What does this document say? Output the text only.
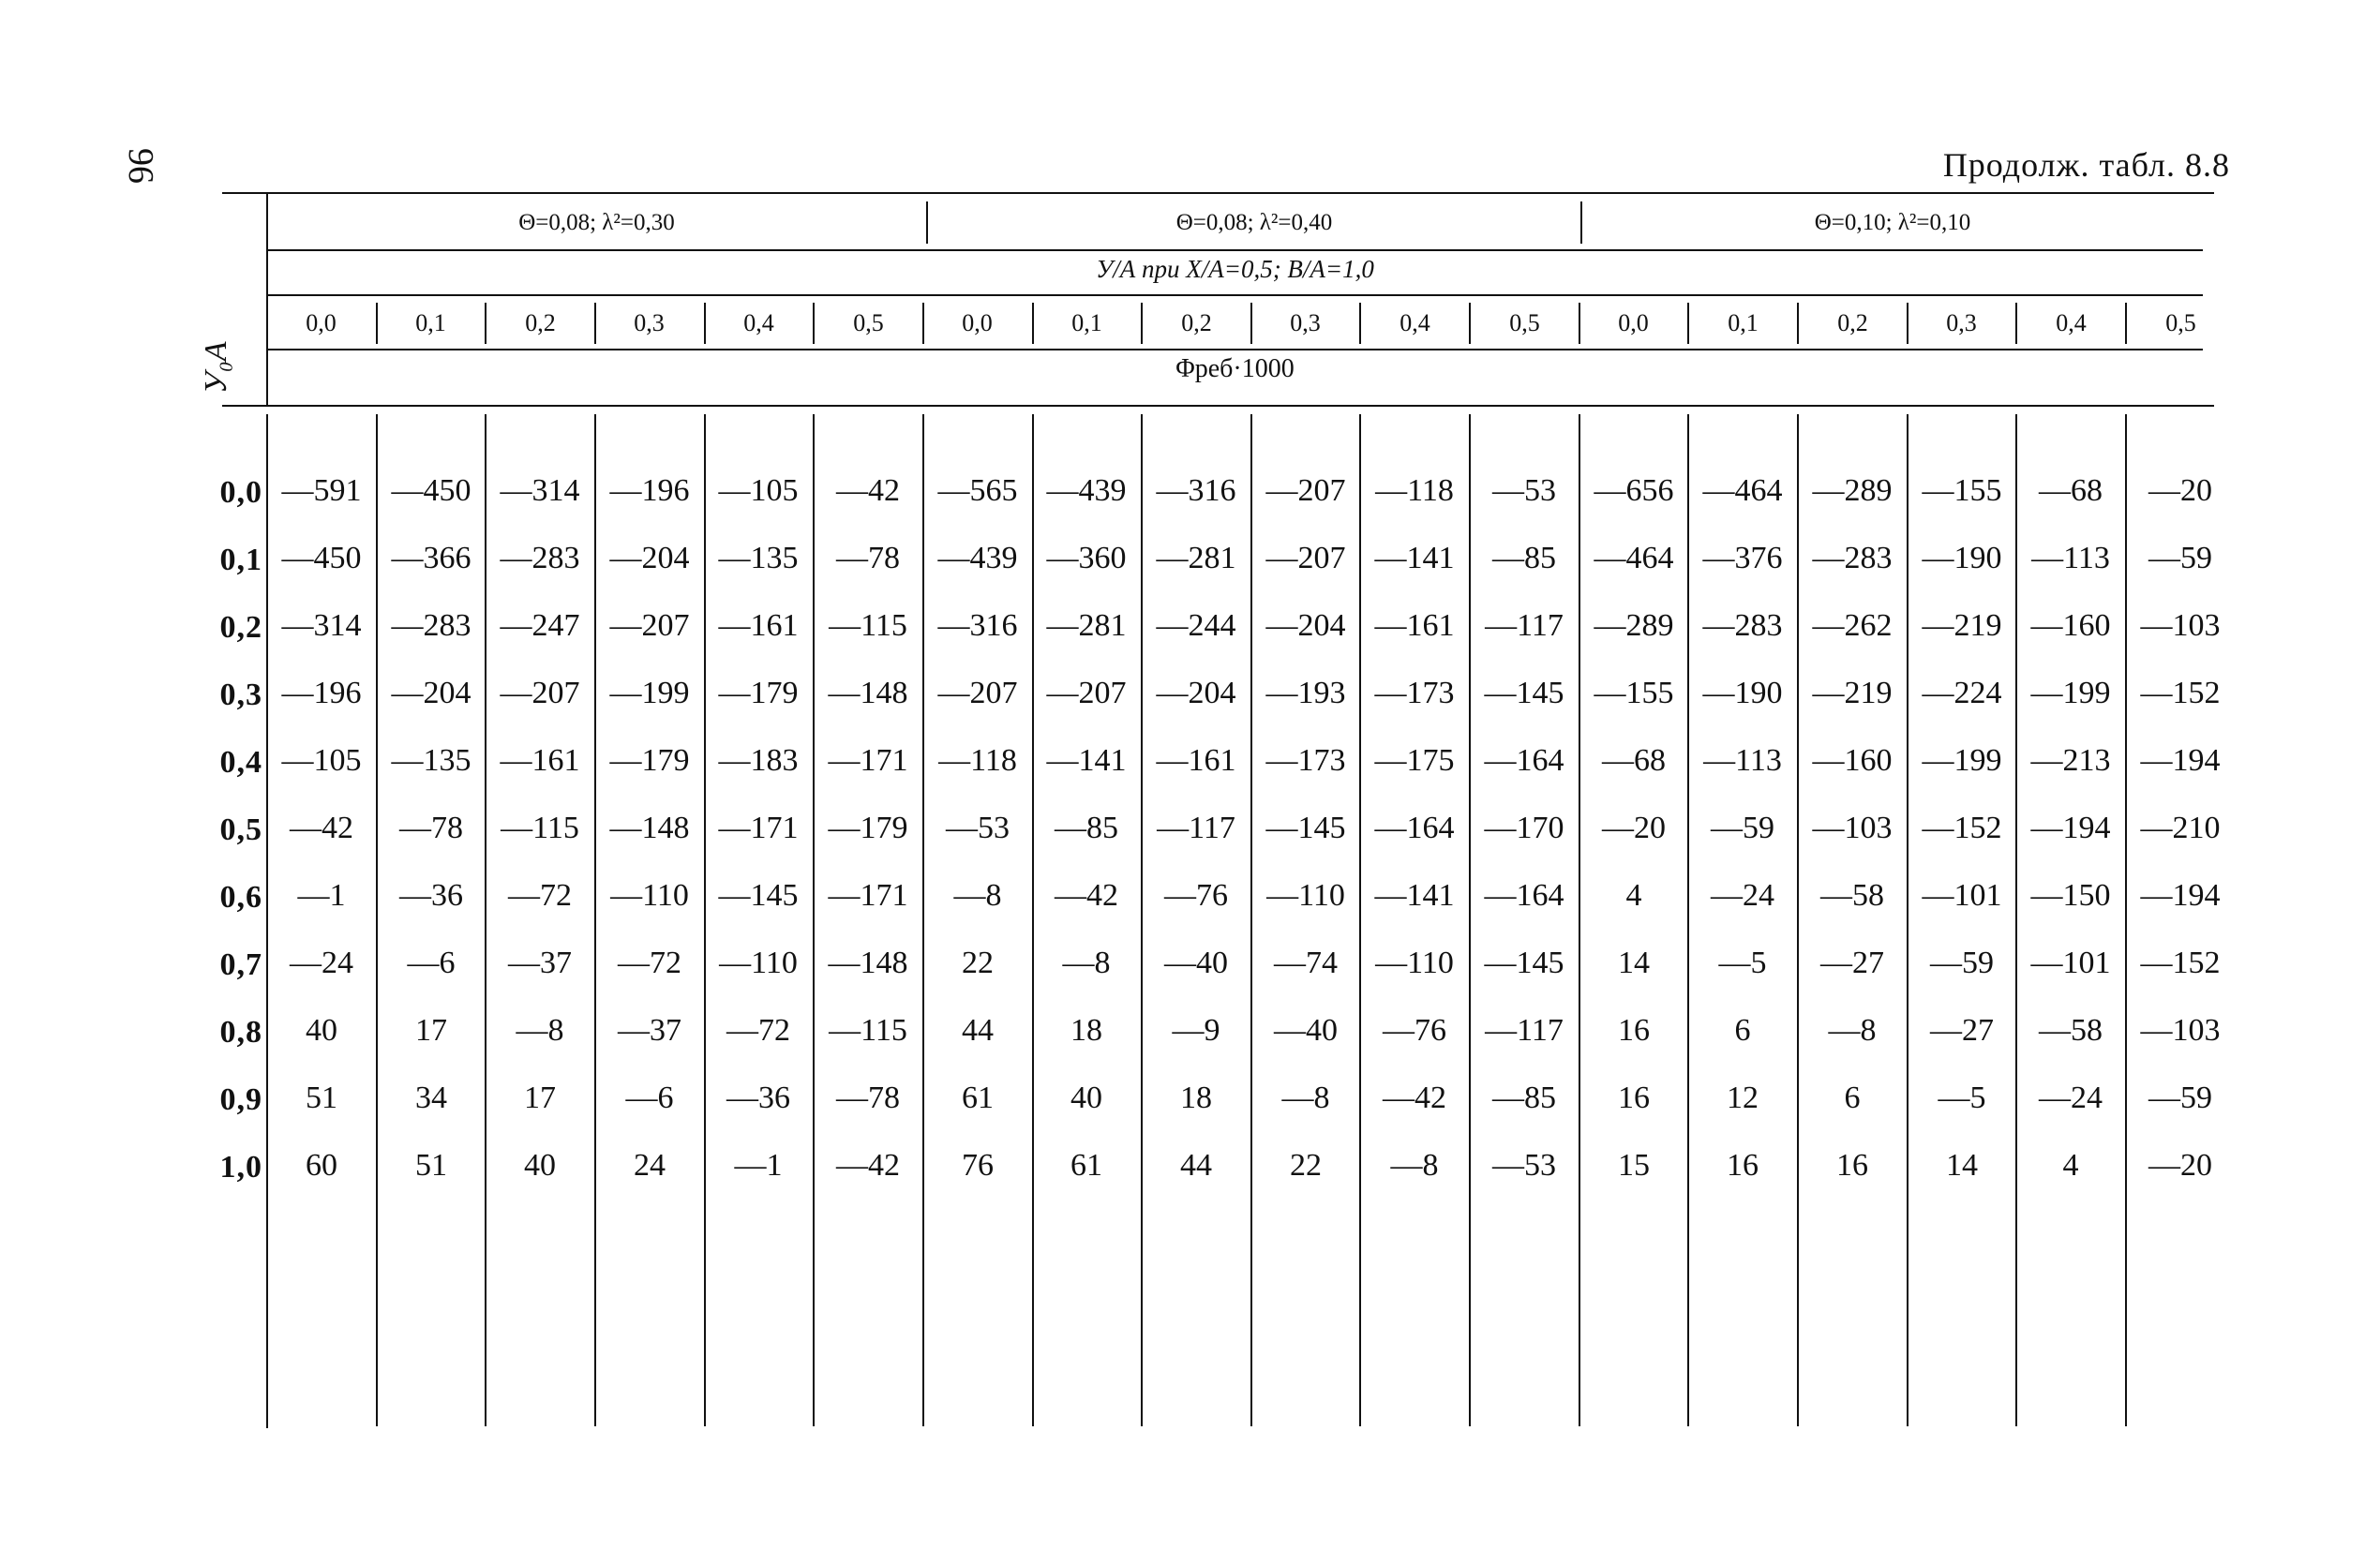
96	Продолж. табл. 8.8
Θ=0,08; λ²=0,30	Θ=0,08; λ²=0,40	Θ=0,10; λ²=0,10
У/А при X/A=0,5; B/A=1,0
0,0	0,1	0,2	0,3	0,4	0,5	0,0	0,1	0,2	0,3	0,4	0,5	0,0	0,1	0,2	0,3	0,4	0,5
Φреб·1000
У₀А
0,0
0,1
0,2
0,3
0,4
0,5
0,6
0,7
0,8
0,9
1,0
—591 —450 —314 —196 —105	—42	—565 —439 —316 —207 —118	—53	—656 —464 —289 —155	—68	—20
—450 —366 —283 —204 —135	—78	—439 —360 —281 —207 —141	—85	—464 —376 —283 —190 —113	—59
—314 —283 —247 —207 —161 —115 —316 —281 —244 —204 —161 —117 —289 —283 —262 —219 —160 —103
—196 —204 —207 —199 —179 —148 —207 —207 —204 —193 —173 —145 —155 —190 —219 —224 —199 —152
—105 —135 —161 —179 —183 —171 —118 —141 —161 —173 —175 —164	—68	—113 —160 —199 —213 —194
—42	—78	—115 —148 —171 —179	—53	—85	—117 —145 —164 —170	—20	—59	—103 —152 —194 —210
—1	—36	—72	—110 —145 —171	—8	—42	—76	—110 —141 —164	4	—24	—58	—101 —150 —194
—24	—6	—37	—72	—110 —148	22	—8	—40	—74	—110 —145	14	—5	—27	—59	—101 —152
40	17	—8	—37	—72	—115	44	18	—9	—40	—76	—117	16	6	—8	—27	—58	—103
51	34	17	—6	—36	—78	61	40	18	—8	—42	—85	16	12	6	—5	—24	—59
60	51	40	24	—1	—42	76	61	44	22	—8	—53	15	16	16	14	4	—20
